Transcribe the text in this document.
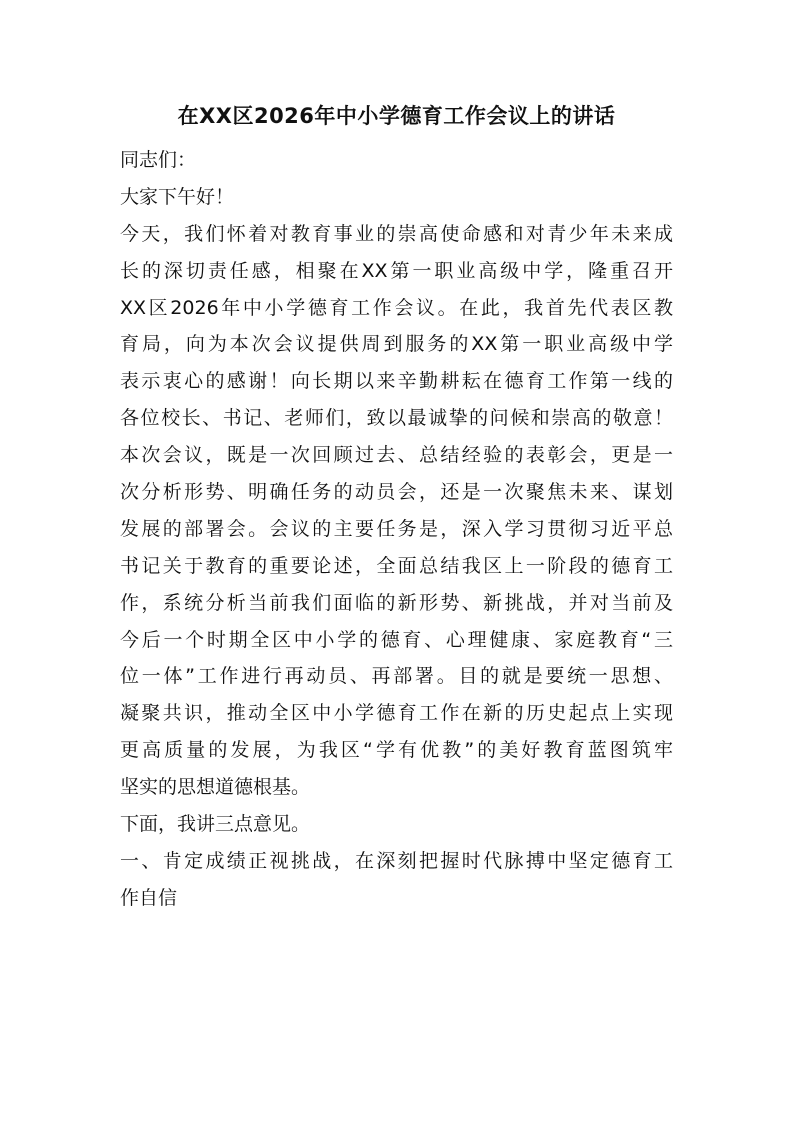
在XX区2026年中小学德育工作会议上的讲话
同志们：
大家下午好！
今天，我们怀着对教育事业的崇高使命感和对青少年未来成
长的深切责任感，相聚在XX第一职业高级中学，隆重召开
XX区2026年中小学德育工作会议。在此，我首先代表区教
育局，向为本次会议提供周到服务的XX第一职业高级中学
表示衷心的感谢！向长期以来辛勤耕耘在德育工作第一线的
各位校长、书记、老师们，致以最诚挚的问候和崇高的敬意！
本次会议，既是一次回顾过去、总结经验的表彰会，更是一
次分析形势、明确任务的动员会，还是一次聚焦未来、谋划
发展的部署会。会议的主要任务是，深入学习贯彻习近平总
书记关于教育的重要论述，全面总结我区上一阶段的德育工
作，系统分析当前我们面临的新形势、新挑战，并对当前及
今后一个时期全区中小学的德育、心理健康、家庭教育“三
位一体”工作进行再动员、再部署。目的就是要统一思想、
凝聚共识，推动全区中小学德育工作在新的历史起点上实现
更高质量的发展，为我区“学有优教”的美好教育蓝图筑牢
坚实的思想道德根基。
下面，我讲三点意见。
一、肯定成绩正视挑战，在深刻把握时代脉搏中坚定德育工
作自信
